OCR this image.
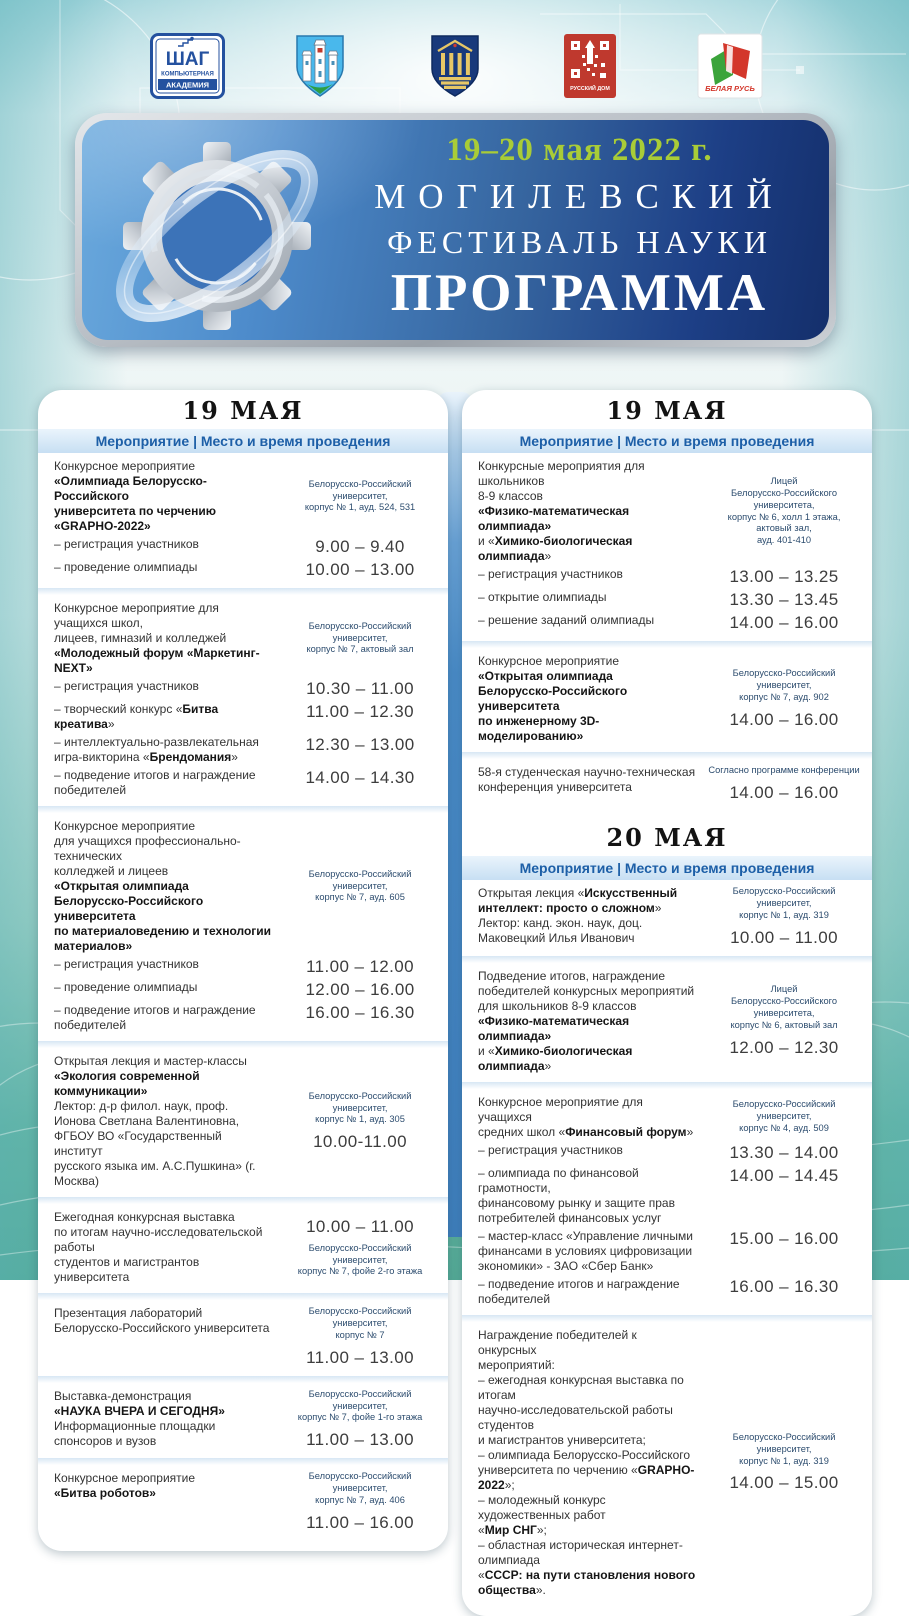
ШАГ
КОМПЬЮТЕРНАЯ
АКАДЕМИЯ	РУССКИЙ ДОМ	БЕЛАЯ РУСЬ
19–20 мая 2022 г.
МОГИЛЕВСКИЙ
ФЕСТИВАЛЬ НАУКИ
ПРОГРАММА
19 МАЯ
Мероприятие | Место и время проведения
Конкурсное мероприятие
«Олимпиада Белорусско-Российского
университета по черчению «GRAPHO-2022»
Белорусско-Российский университет,
корпус № 1, ауд. 524, 531
– регистрация участников	9.00 – 9.40
– проведение олимпиады	10.00 – 13.00
Конкурсное мероприятие для учащихся школ,
лицеев, гимназий и колледжей
«Молодежный форум «Маркетинг-NEXT»
Белорусско-Российский университет,
корпус № 7, актовый зал
– регистрация участников	10.30 – 11.00
– творческий конкурс «Битва креатива»
11.00 – 12.30
– интеллектуально-развлекательная
игра-викторина «Брендомания»
12.30 – 13.00
– подведение итогов и награждение
победителей
14.00 – 14.30
Конкурсное мероприятие
для учащихся профессионально-технических
колледжей и лицеев
«Открытая олимпиада
Белорусско-Российского университета
по материаловедению и технологии
материалов»
Белорусско-Российский университет,
корпус № 7, ауд. 605
– регистрация участников	11.00 – 12.00
– проведение олимпиады	12.00 – 16.00
– подведение итогов и награждение
победителей
16.00 – 16.30
Открытая лекция и мастер-классы
«Экология современной коммуникации»
Лектор: д-р филол. наук, проф.
Ионова Светлана Валентиновна,
ФГБОУ ВО «Государственный институт
русского языка им. А.С.Пушкина» (г. Москва)
Белорусско-Российский университет,
корпус № 1, ауд. 305
10.00-11.00
Ежегодная конкурсная выставка
по итогам научно-исследовательской работы
студентов и магистрантов университета
10.00 – 11.00
Белорусско-Российский университет,
корпус № 7, фойе 2-го этажа
Презентация лабораторий
Белорусско-Российского университета
Белорусско-Российский университет,
корпус № 7
11.00 – 13.00
Выставка-демонстрация
«НАУКА ВЧЕРА И СЕГОДНЯ»
Информационные площадки
спонсоров и вузов
Белорусско-Российский университет,
корпус № 7, фойе 1-го этажа
11.00 – 13.00
Конкурсное мероприятие
«Битва роботов»
Белорусско-Российский университет,
корпус № 7, ауд. 406
11.00 – 16.00
19 МАЯ
Мероприятие | Место и время проведения
Конкурсные мероприятия для школьников
8-9 классов
«Физико-математическая олимпиада»
и «Химико-биологическая олимпиада»
Лицей
Белорусско-Российского университета,
корпус № 6, холл 1 этажа,
актовый зал,
ауд. 401-410
– регистрация участников	13.00 – 13.25
– открытие олимпиады	13.30 – 13.45
– решение заданий олимпиады	14.00 – 16.00
Конкурсное мероприятие
«Открытая олимпиада
Белорусско-Российского университета
по инженерному 3D-моделированию»
Белорусско-Российский университет,
корпус № 7, ауд. 902
14.00 – 16.00
58-я студенческая научно-техническая
конференция университета
Согласно программе конференции
14.00 – 16.00
20 МАЯ
Мероприятие | Место и время проведения
Открытая лекция «Искусственный
интеллект: просто о сложном»
Лектор: канд. экон. наук, доц.
Маковецкий Илья Иванович
Белорусско-Российский университет,
корпус № 1, ауд. 319
10.00 – 11.00
Подведение итогов, награждение
победителей конкурсных мероприятий
для школьников 8-9 классов
«Физико-математическая олимпиада»
и «Химико-биологическая олимпиада»
Лицей
Белорусско-Российского университета,
корпус № 6, актовый зал
12.00 – 12.30
Конкурсное мероприятие для учащихся
средних школ «Финансовый форум»
Белорусско-Российский университет,
корпус № 4, ауд. 509
– регистрация участников	13.30 – 14.00
– олимпиада по финансовой грамотности,
финансовому рынку и защите прав
потребителей финансовых услуг
14.00 – 14.45
– мастер-класс «Управление личными
финансами в условиях цифровизации
экономики» - ЗАО «Сбер Банк»
15.00 – 16.00
– подведение итогов и награждение
победителей
16.00 – 16.30
Награждение победителей к онкурсных
мероприятий:
– ежегодная конкурсная выставка по итогам
научно-исследовательской работы студентов
и магистрантов университета;
– олимпиада Белорусско-Российского
университета по черчению «GRAPHO-2022»;
– молодежный конкурс художественных работ
«Мир СНГ»;
– областная историческая интернет-олимпиада
«СССР: на пути становления нового
общества».
Белорусско-Российский университет,
корпус № 1, ауд. 319
14.00 – 15.00
